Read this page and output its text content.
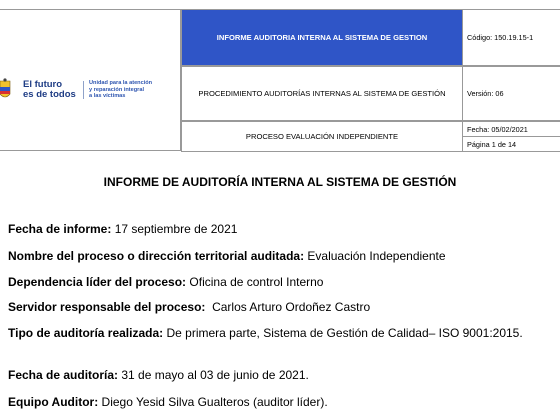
El futuro
es de todos
Unidad para la atención
y reparación integral
a las víctimas
INFORME AUDITORIA INTERNA AL SISTEMA DE GESTION
PROCEDIMIENTO AUDITORÍAS INTERNAS AL SISTEMA DE GESTIÓN
PROCESO EVALUACIÓN INDEPENDIENTE
Código: 150.19.15-1
Versión: 06
Fecha: 05/02/2021
Página 1 de 14
INFORME DE AUDITORÍA INTERNA AL SISTEMA DE GESTIÓN
Fecha de informe: 17 septiembre de 2021
Nombre del proceso o dirección territorial auditada: Evaluación Independiente
Dependencia líder del proceso: Oficina de control Interno
Servidor responsable del proceso:  Carlos Arturo Ordoñez Castro
Tipo de auditoría realizada: De primera parte, Sistema de Gestión de Calidad– ISO 9001:2015.
Fecha de auditoría: 31 de mayo al 03 de junio de 2021.
Equipo Auditor: Diego Yesid Silva Gualteros (auditor líder).
